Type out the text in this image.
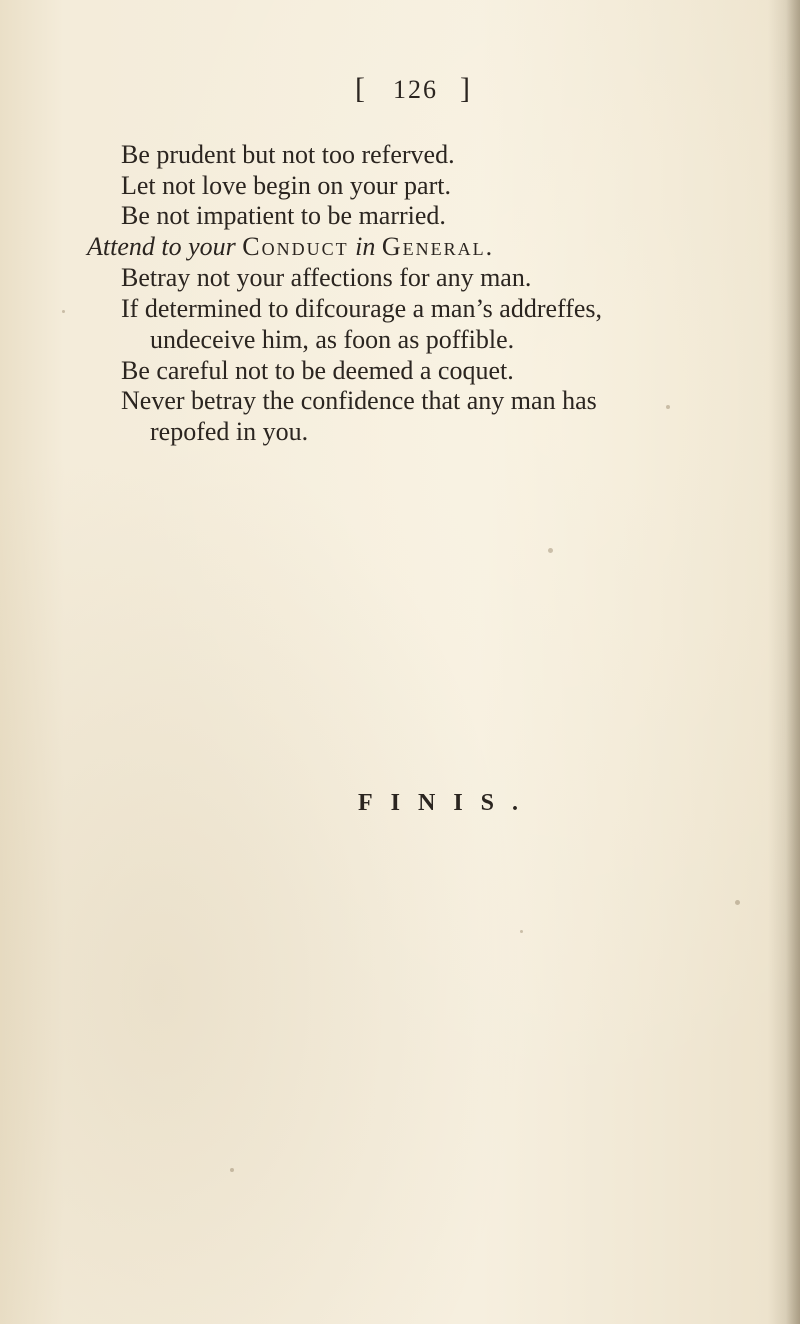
[ 126 ]
Be prudent but not too referved.
Let not love begin on your part.
Be not impatient to be married.
Attend to your Conduct in General.
Betray not your affections for any man.
If determined to difcourage a man’s addreffes,
undeceive him, as foon as poffible.
Be careful not to be deemed a coquet.
Never betray the confidence that any man has
repofed in you.
FINIS.
